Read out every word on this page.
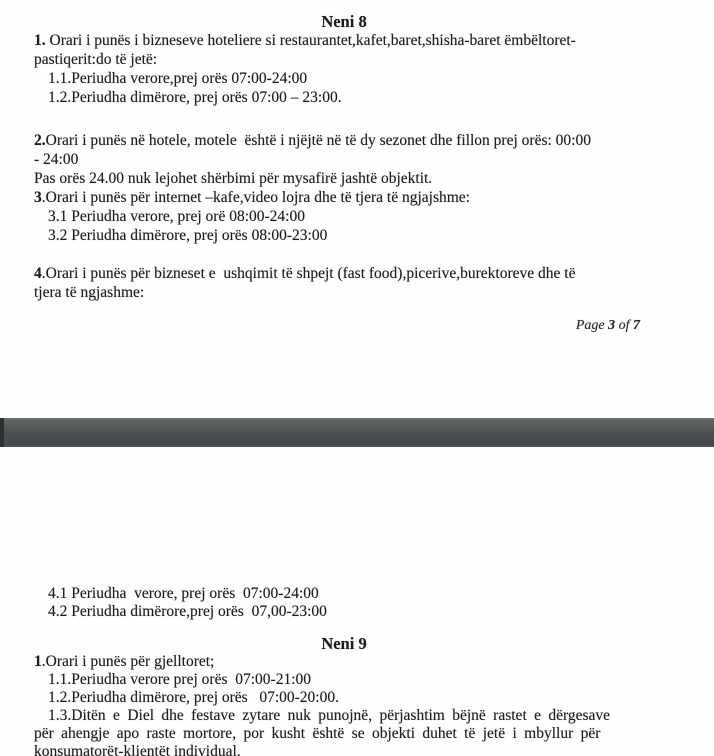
Neni 8
1. Orari i punës i bizneseve hoteliere si restaurantet,kafet,baret,shisha-baret ëmbëltoret-
pastiqerit:do të jetë:
1.1.Periudha verore,prej orës 07:00-24:00
1.2.Periudha dimërore, prej orës 07:00 – 23:00.
2.Orari i punës në hotele, motele  është i njëjtë në të dy sezonet dhe fillon prej orës: 00:00
- 24:00
Pas orës 24.00 nuk lejohet shërbimi për mysafirë jashtë objektit.
3.Orari i punës për internet –kafe,video lojra dhe të tjera të ngjajshme:
3.1 Periudha verore, prej orë 08:00-24:00
3.2 Periudha dimërore, prej orës 08:00-23:00
4.Orari i punës për bizneset e  ushqimit të shpejt (fast food),picerive,burektoreve dhe të
tjera të ngjashme:
Page 3 of 7
4.1 Periudha  verore, prej orës  07:00-24:00
4.2 Periudha dimërore,prej orës  07,00-23:00
Neni 9
1.Orari i punës për gjelltoret;
1.1.Periudha verore prej orës  07:00-21:00
1.2.Periudha dimërore, prej orës   07:00-20:00.
1.3.Ditën e Diel dhe festave zytare nuk punojnë, përjashtim bëjnë rastet e dërgesave
për ahengje apo raste mortore, por kusht është se objekti duhet të jetë i mbyllur për
konsumatorët-klientët individual.
